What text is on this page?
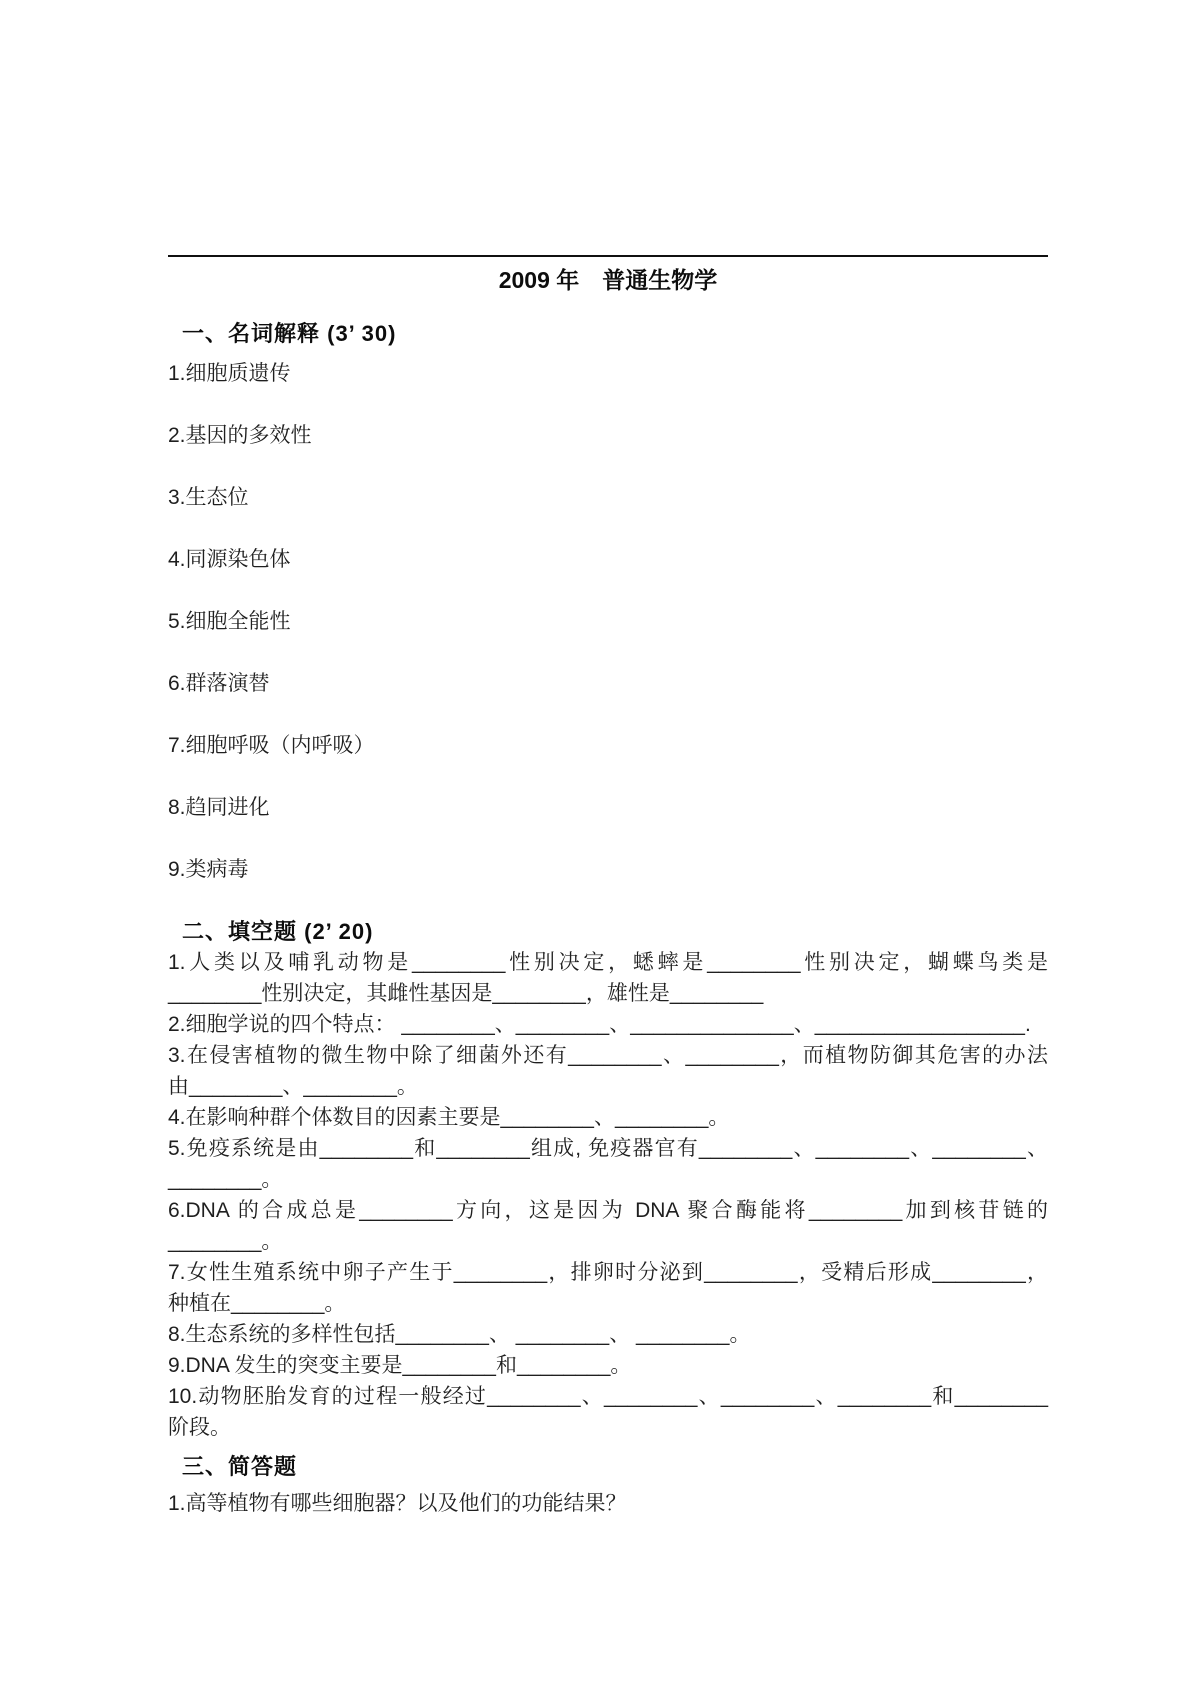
2009 年　普通生物学
一、名词解释 (3’ 30)

1.细胞质遗传

2.基因的多效性

3.生态位

4.同源染色体

5.细胞全能性

6.群落演替

7.细胞呼吸（内呼吸）

8.趋同进化

9.类病毒

二、填空题 (2’ 20)
1.人类以及哺乳动物是________性别决定，蟋蟀是________性别决定，蝴蝶鸟类是
________性别决定，其雌性基因是________，雄性是________
2.细胞学说的四个特点： ________、________、______________、__________________.
3.在侵害植物的微生物中除了细菌外还有________、________，而植物防御其危害的办法
由________、________。
4.在影响种群个体数目的因素主要是________、________。
5.免疫系统是由________和________组成, 免疫器官有________、________、________、
________。
6.DNA 的合成总是________方向，这是因为 DNA 聚合酶能将________加到核苷链的
________。
7.女性生殖系统中卵子产生于________，排卵时分泌到________，受精后形成________，
种植在________。
8.生态系统的多样性包括________、 ________、 ________。
9.DNA 发生的突变主要是________和________。
10.动物胚胎发育的过程一般经过________、________、________、________和________
阶段。
三、简答题

1.高等植物有哪些细胞器？以及他们的功能结果？
